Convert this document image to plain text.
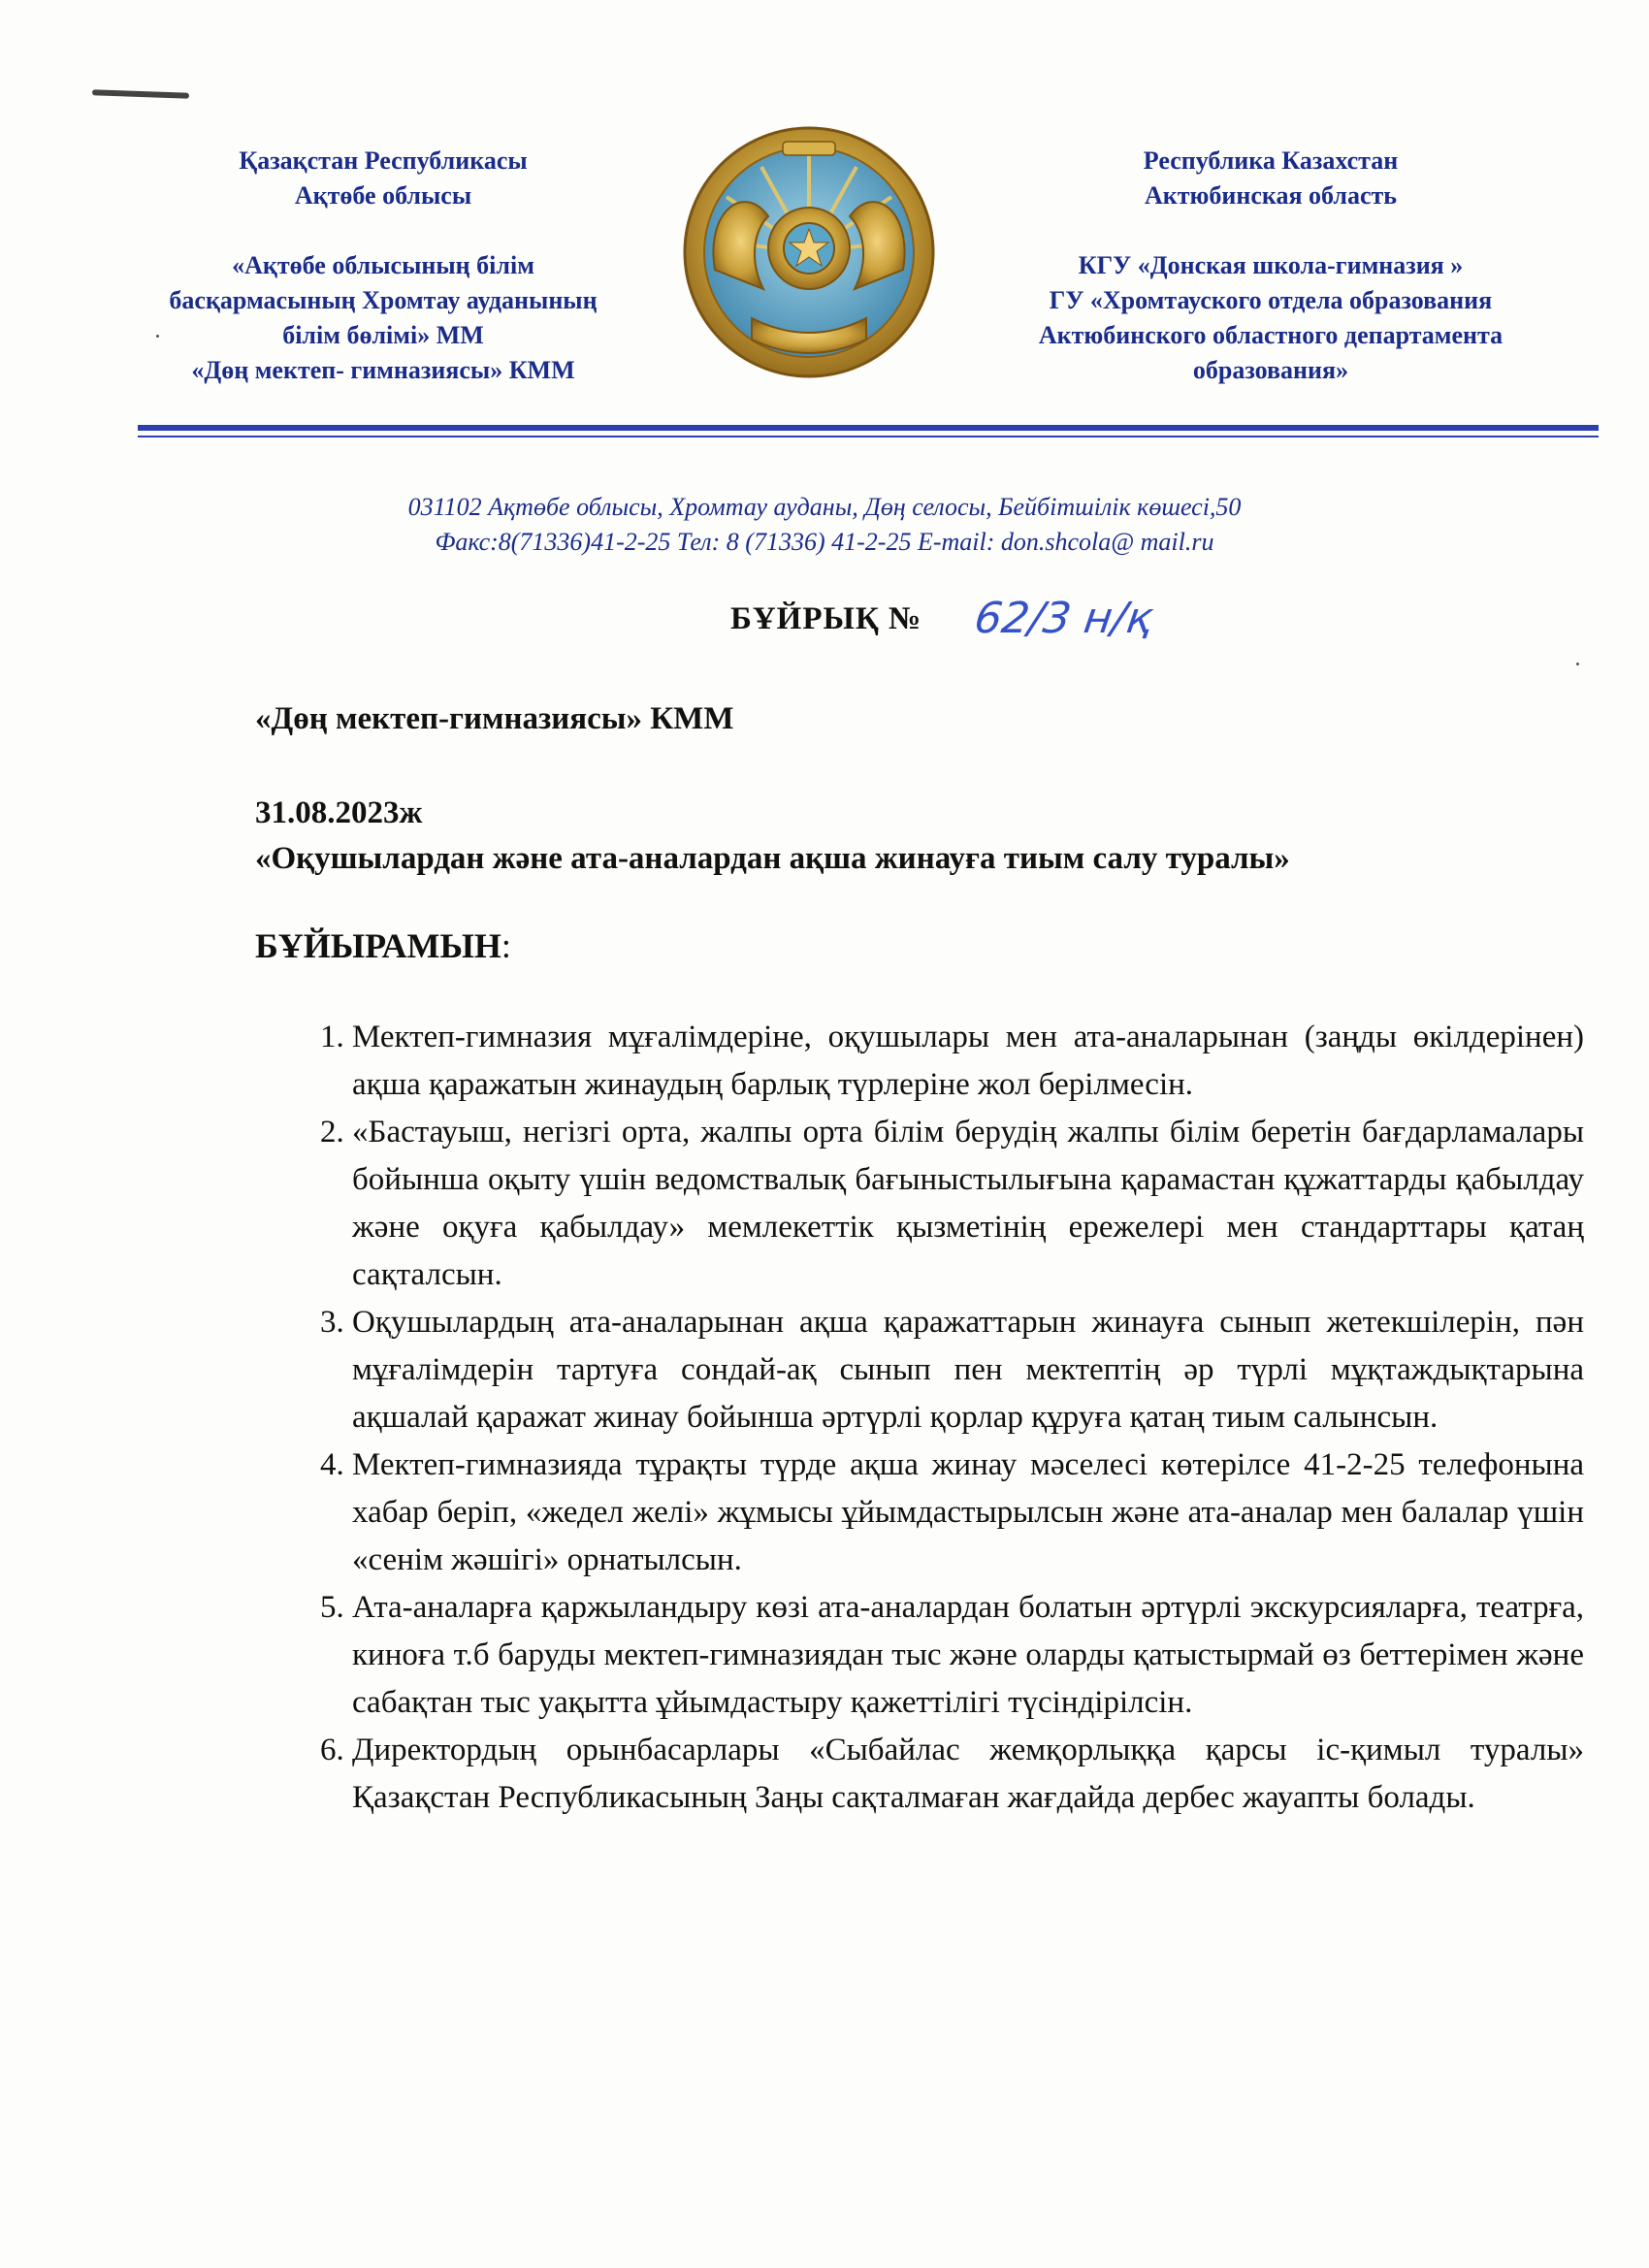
Қазақстан Республикасы
Ақтөбе облысы
«Ақтөбе облысының білім
басқармасының Хромтау ауданының
білім бөлімі» ММ
«Дөң мектеп- гимназиясы» КММ
Республика Казахстан
Актюбинская область
КГУ «Донская школа-гимназия »
ГУ «Хромтауского отдела образования
Актюбинского областного департамента
образования»
031102 Ақтөбе облысы, Хромтау ауданы, Дөң селосы, Бейбітшілік көшесі,50
Факс:8(71336)41-2-25 Тел: 8 (71336) 41-2-25 E-mail: don.shcola@ mail.ru
БҰЙРЫҚ № 62/3 н/қ
«Дөң мектеп-гимназиясы» КММ
31.08.2023ж
«Оқушылардан және ата-аналардан ақша жинауға тиым салу туралы»
БҰЙЫРАМЫН:
1. Мектеп-гимназия мұғалімдеріне, оқушылары мен ата-аналарынан (заңды өкілдерінен) ақша қаражатын жинаудың барлық түрлеріне жол берілмесін.
2. «Бастауыш, негізгі орта, жалпы орта білім берудің жалпы білім беретін бағдарламалары бойынша оқыту үшін ведомствалық бағыныстылығына қарамастан құжаттарды қабылдау және оқуға қабылдау» мемлекеттік қызметінің ережелері мен стандарттары қатаң сақталсын.
3. Оқушылардың ата-аналарынан ақша қаражаттарын жинауға сынып жетекшілерін, пән мұғалімдерін тартуға сондай-ақ сынып пен мектептің әр түрлі мұқтаждықтарына ақшалай қаражат жинау бойынша әртүрлі қорлар құруға қатаң тиым салынсын.
4. Мектеп-гимназияда тұрақты түрде ақша жинау мәселесі көтерілсе 41-2-25 телефонына хабар беріп, «жедел желі» жұмысы ұйымдастырылсын және ата-аналар мен балалар үшін «сенім жәшігі» орнатылсын.
5. Ата-аналарға қаржыландыру көзі ата-аналардан болатын әртүрлі экскурсияларға, театрға, киноға т.б баруды мектеп-гимназиядан тыс және оларды қатыстырмай өз беттерімен және сабақтан тыс уақытта ұйымдастыру қажеттілігі түсіндірілсін.
6. Директордың орынбасарлары «Сыбайлас жемқорлыққа қарсы іс-қимыл туралы» Қазақстан Республикасының Заңы сақталмаған жағдайда дербес жауапты болады.
